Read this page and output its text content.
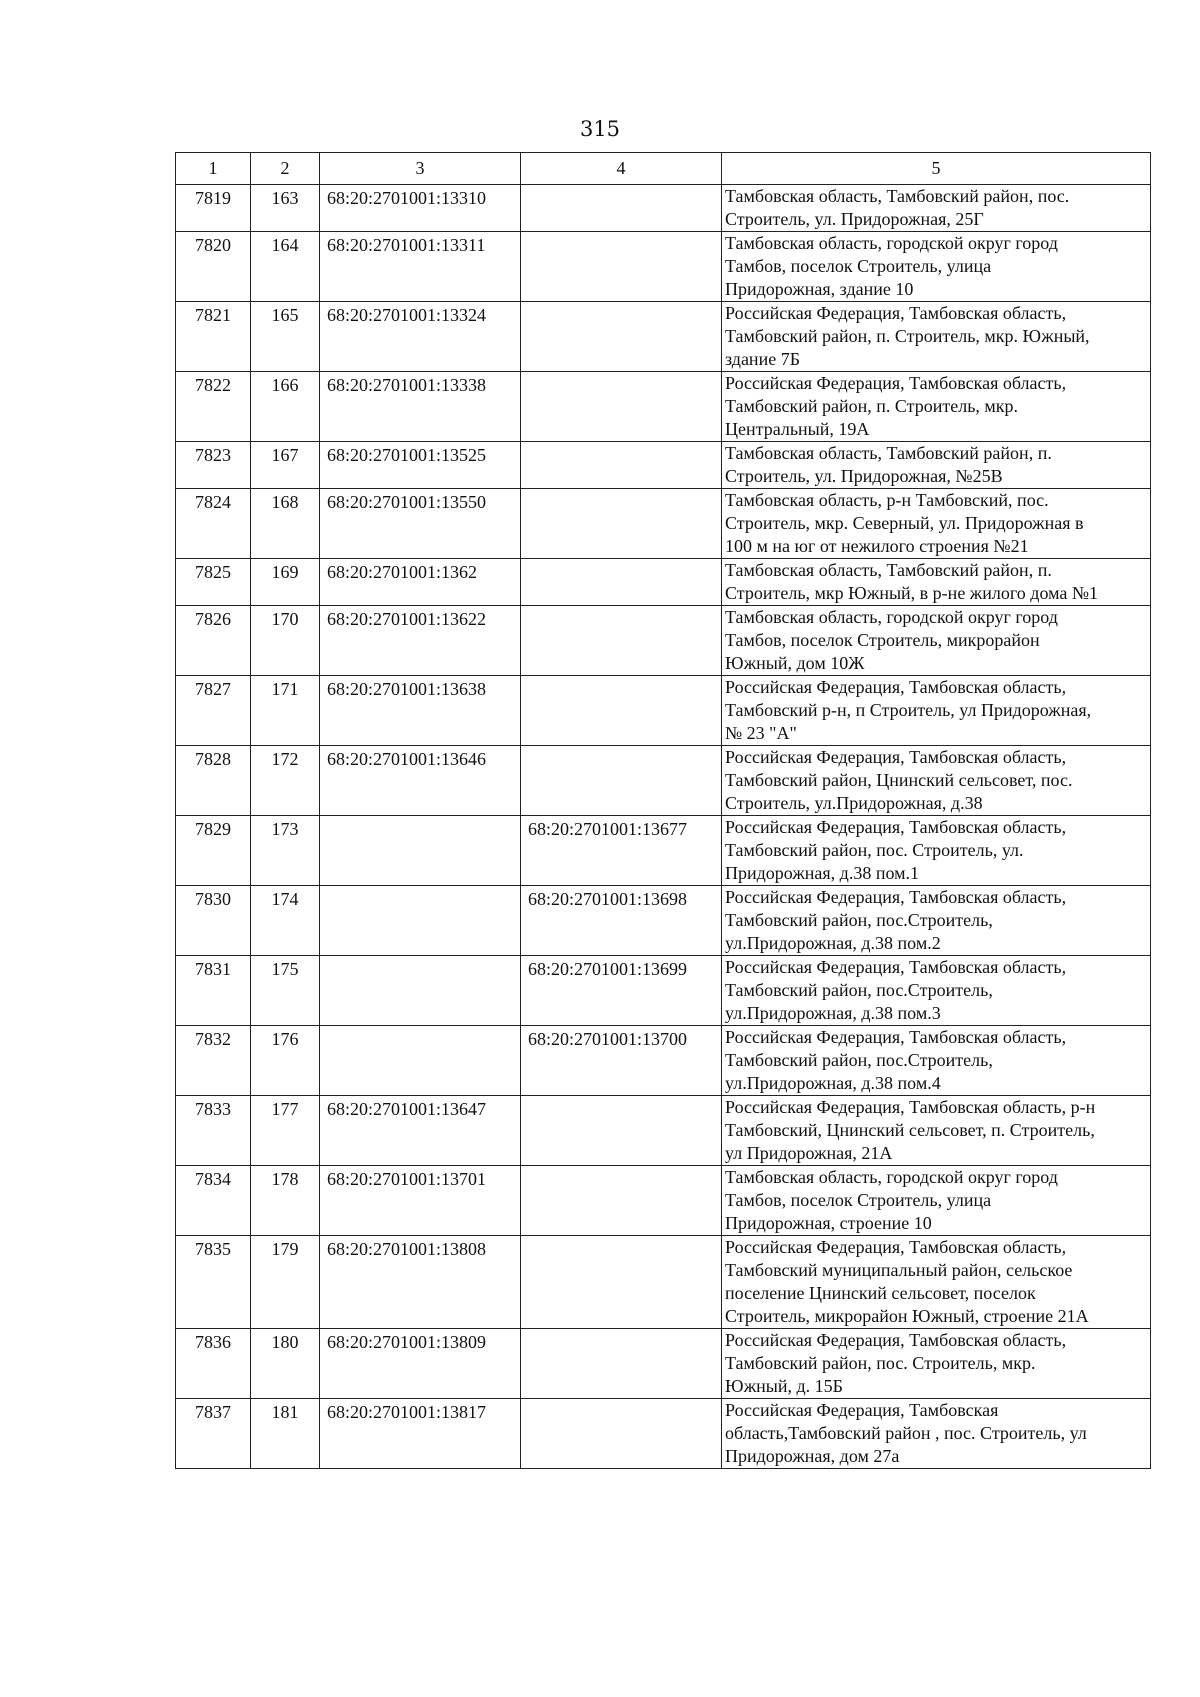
315
1	2	3	4	5
7819	163	68:20:2701001:13310		Тамбовская область, Тамбовский район, пос.
Строитель, ул. Придорожная, 25Г
7820	164	68:20:2701001:13311		Тамбовская область, городской округ город
Тамбов, поселок Строитель, улица
Придорожная, здание 10
7821	165	68:20:2701001:13324		Российская Федерация, Тамбовская область,
Тамбовский район, п. Строитель, мкр. Южный,
здание 7Б
7822	166	68:20:2701001:13338		Российская Федерация, Тамбовская область,
Тамбовский район, п. Строитель, мкр.
Центральный, 19А
7823	167	68:20:2701001:13525		Тамбовская область, Тамбовский район, п.
Строитель, ул. Придорожная, №25В
7824	168	68:20:2701001:13550		Тамбовская область, р-н Тамбовский, пос.
Строитель, мкр. Северный, ул. Придорожная в
100 м на юг от нежилого строения №21
7825	169	68:20:2701001:1362		Тамбовская область, Тамбовский район, п.
Строитель, мкр Южный, в р-не жилого дома №1
7826	170	68:20:2701001:13622		Тамбовская область, городской округ город
Тамбов, поселок Строитель, микрорайон
Южный, дом 10Ж
7827	171	68:20:2701001:13638		Российская Федерация, Тамбовская область,
Тамбовский р-н, п Строитель, ул Придорожная,
№ 23 "А"
7828	172	68:20:2701001:13646		Российская Федерация, Тамбовская область,
Тамбовский район, Цнинский сельсовет, пос.
Строитель, ул.Придорожная, д.38
7829	173		68:20:2701001:13677	Российская Федерация, Тамбовская область,
Тамбовский район, пос. Строитель, ул.
Придорожная, д.38 пом.1
7830	174		68:20:2701001:13698	Российская Федерация, Тамбовская область,
Тамбовский район, пос.Строитель,
ул.Придорожная, д.38 пом.2
7831	175		68:20:2701001:13699	Российская Федерация, Тамбовская область,
Тамбовский район, пос.Строитель,
ул.Придорожная, д.38 пом.3
7832	176		68:20:2701001:13700	Российская Федерация, Тамбовская область,
Тамбовский район, пос.Строитель,
ул.Придорожная, д.38 пом.4
7833	177	68:20:2701001:13647		Российская Федерация, Тамбовская область, р-н
Тамбовский, Цнинский сельсовет, п. Строитель,
ул Придорожная, 21А
7834	178	68:20:2701001:13701		Тамбовская область, городской округ город
Тамбов, поселок Строитель, улица
Придорожная, строение 10
7835	179	68:20:2701001:13808		Российская Федерация, Тамбовская область,
Тамбовский муниципальный район, сельское
поселение Цнинский сельсовет, поселок
Строитель, микрорайон Южный, строение 21А
7836	180	68:20:2701001:13809		Российская Федерация, Тамбовская область,
Тамбовский район, пос. Строитель, мкр.
Южный, д. 15Б
7837	181	68:20:2701001:13817		Российская Федерация, Тамбовская
область,Тамбовский район , пос. Строитель, ул
Придорожная, дом 27а
